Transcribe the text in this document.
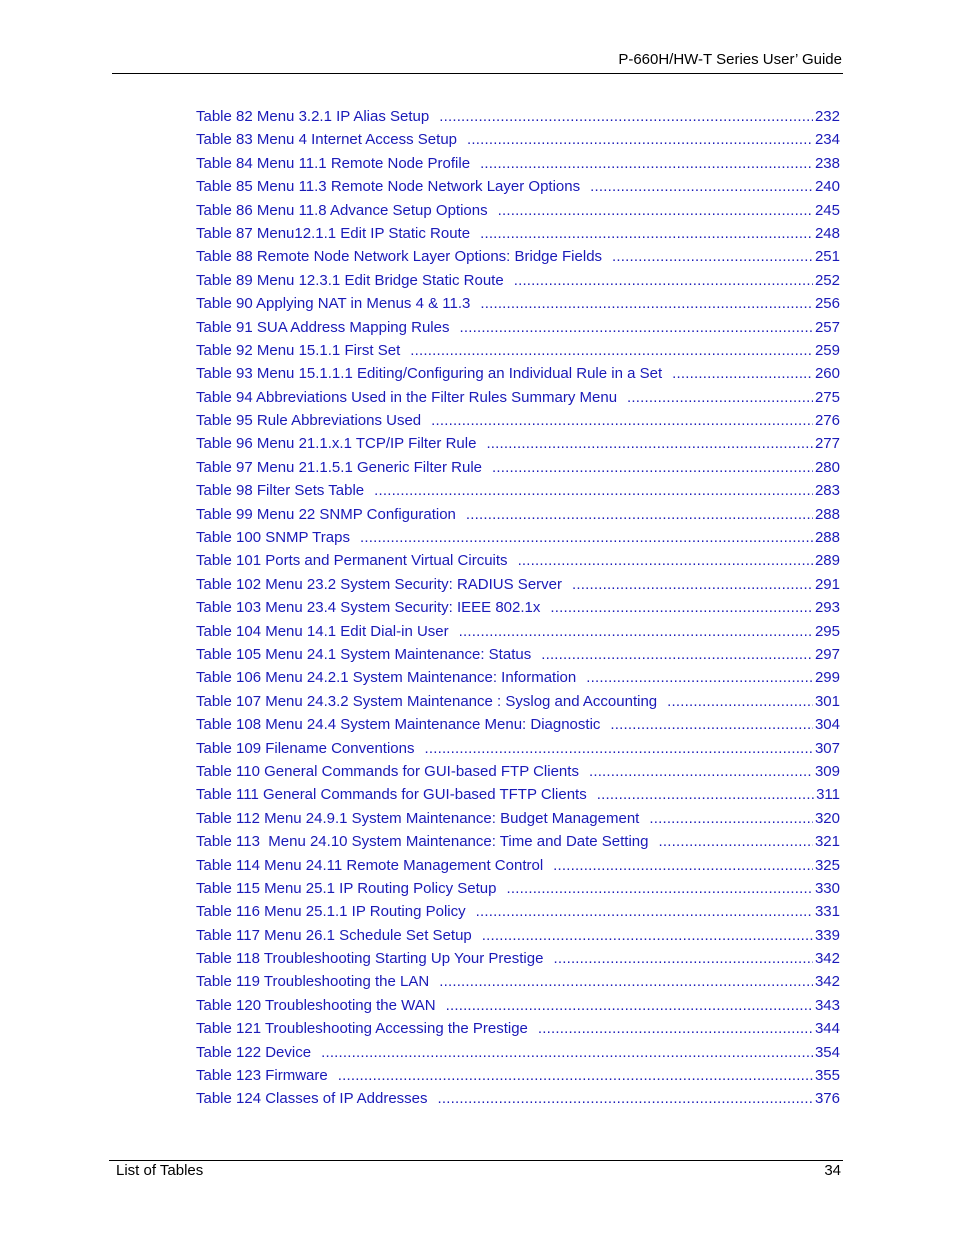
P-660H/HW-T Series User’ Guide
Table 82 Menu 3.2.1 IP Alias Setup .....	232
Table 83 Menu 4 Internet Access Setup .....	234
Table 84 Menu 11.1 Remote Node Profile .....	238
Table 85 Menu 11.3 Remote Node Network Layer Options .....	240
Table 86 Menu 11.8 Advance Setup Options .....	245
Table 87 Menu12.1.1 Edit IP Static Route .....	248
Table 88 Remote Node Network Layer Options: Bridge Fields .....	251
Table 89 Menu 12.3.1 Edit Bridge Static Route .....	252
Table 90 Applying NAT in Menus 4 & 11.3 .....	256
Table 91 SUA Address Mapping Rules .....	257
Table 92 Menu 15.1.1 First Set .....	259
Table 93 Menu 15.1.1.1 Editing/Configuring an Individual Rule in a Set .....	260
Table 94 Abbreviations Used in the Filter Rules Summary Menu .....	275
Table 95 Rule Abbreviations Used .....	276
Table 96 Menu 21.1.x.1 TCP/IP Filter Rule .....	277
Table 97 Menu 21.1.5.1 Generic Filter Rule .....	280
Table 98 Filter Sets Table .....	283
Table 99 Menu 22 SNMP Configuration .....	288
Table 100 SNMP Traps .....	288
Table 101 Ports and Permanent Virtual Circuits .....	289
Table 102 Menu 23.2 System Security: RADIUS Server .....	291
Table 103 Menu 23.4 System Security: IEEE 802.1x .....	293
Table 104 Menu 14.1 Edit Dial-in User .....	295
Table 105 Menu 24.1 System Maintenance: Status .....	297
Table 106 Menu 24.2.1 System Maintenance: Information .....	299
Table 107 Menu 24.3.2 System Maintenance : Syslog and Accounting .....	301
Table 108 Menu 24.4 System Maintenance Menu: Diagnostic .....	304
Table 109 Filename Conventions .....	307
Table 110 General Commands for GUI-based FTP Clients .....	309
Table 111 General Commands for GUI-based TFTP Clients .....	311
Table 112 Menu 24.9.1 System Maintenance: Budget Management .....	320
Table 113  Menu 24.10 System Maintenance: Time and Date Setting .....	321
Table 114 Menu 24.11 Remote Management Control .....	325
Table 115 Menu 25.1 IP Routing Policy Setup .....	330
Table 116 Menu 25.1.1 IP Routing Policy .....	331
Table 117 Menu 26.1 Schedule Set Setup .....	339
Table 118 Troubleshooting Starting Up Your Prestige .....	342
Table 119 Troubleshooting the LAN .....	342
Table 120 Troubleshooting the WAN .....	343
Table 121 Troubleshooting Accessing the Prestige .....	344
Table 122 Device .....	354
Table 123 Firmware .....	355
Table 124 Classes of IP Addresses .....	376
List of Tables	34
